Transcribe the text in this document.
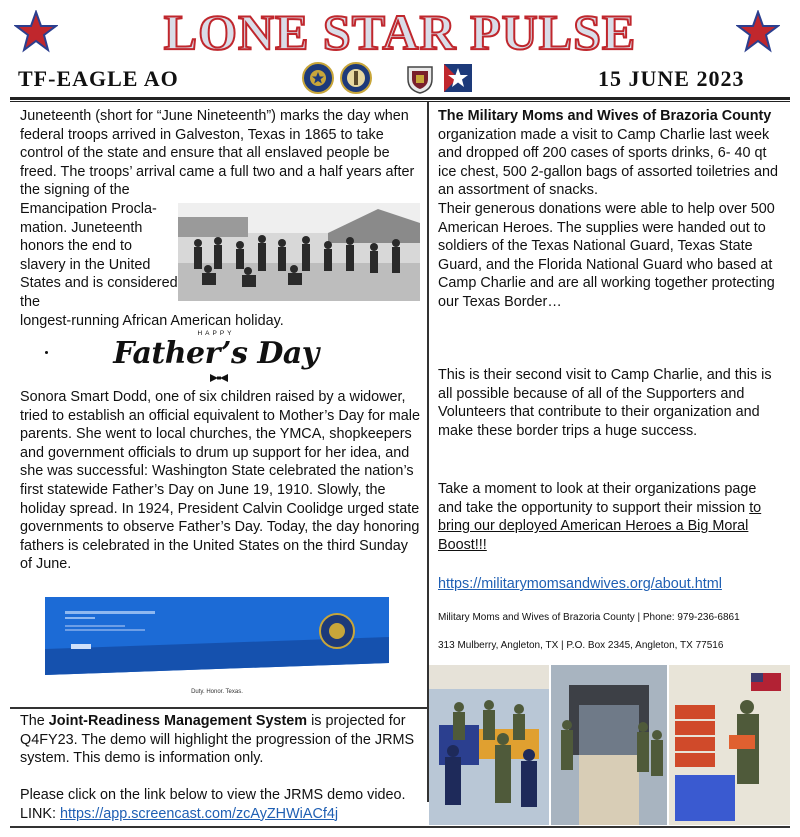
LONE STAR PULSE
TF-EAGLE AO	15 JUNE 2023
Juneteenth (short for “June Nineteenth”) marks the day when federal troops arrived in Galveston, Texas in 1865 to take control of the state and ensure that all enslaved people be freed. The troops’ arrival came a full two and a half years after the signing of the
Emancipation Procla-mation. Juneteenth honors the end to slavery in the United States and is considered the
longest-running African American holiday.
HAPPY
Father’s Day
Sonora Smart Dodd, one of six children raised by a widower, tried to establish an official equivalent to Mother’s Day for male parents. She went to local churches, the YMCA, shopkeepers and government officials to drum up support for her idea, and she was successful: Washington State celebrated the nation’s first statewide Father’s Day on June 19, 1910. Slowly, the holiday spread. In 1924, President Calvin Coolidge urged state governments to observe Father’s Day. Today, the day honoring fathers is celebrated in the United States on the third Sunday of June.
Duty. Honor. Texas.
The Joint-Readiness Management System is projected for Q4FY23. The demo will highlight the progression of the JRMS system. This demo is information only.
Please click on the link below to view the JRMS demo video. LINK: https://app.screencast.com/zcAyZHWiACf4j
The Military Moms and Wives of Brazoria County organization made a visit to Camp Charlie last week and dropped off 200 cases of sports drinks, 6- 40 qt ice chest, 500 2-gallon bags of assorted toiletries and an assortment of snacks.
Their generous donations were able to help over 500 American Heroes. The supplies were handed out to soldiers of the Texas National Guard, Texas State Guard, and the Florida National Guard who based at Camp Charlie and are all working together protecting our Texas Border…
This is their second visit to Camp Charlie, and this is all possible because of all of the Supporters and Volunteers that contribute to their organization and make these border trips a huge success.
Take a moment to look at their organizations page and take the opportunity to support their mission to bring our deployed American Heroes a Big Moral Boost!!!
https://militarymomsandwives.org/about.html
Military Moms and Wives of Brazoria County | Phone: 979-236-6861
313 Mulberry, Angleton, TX | P.O. Box 2345, Angleton, TX 77516
